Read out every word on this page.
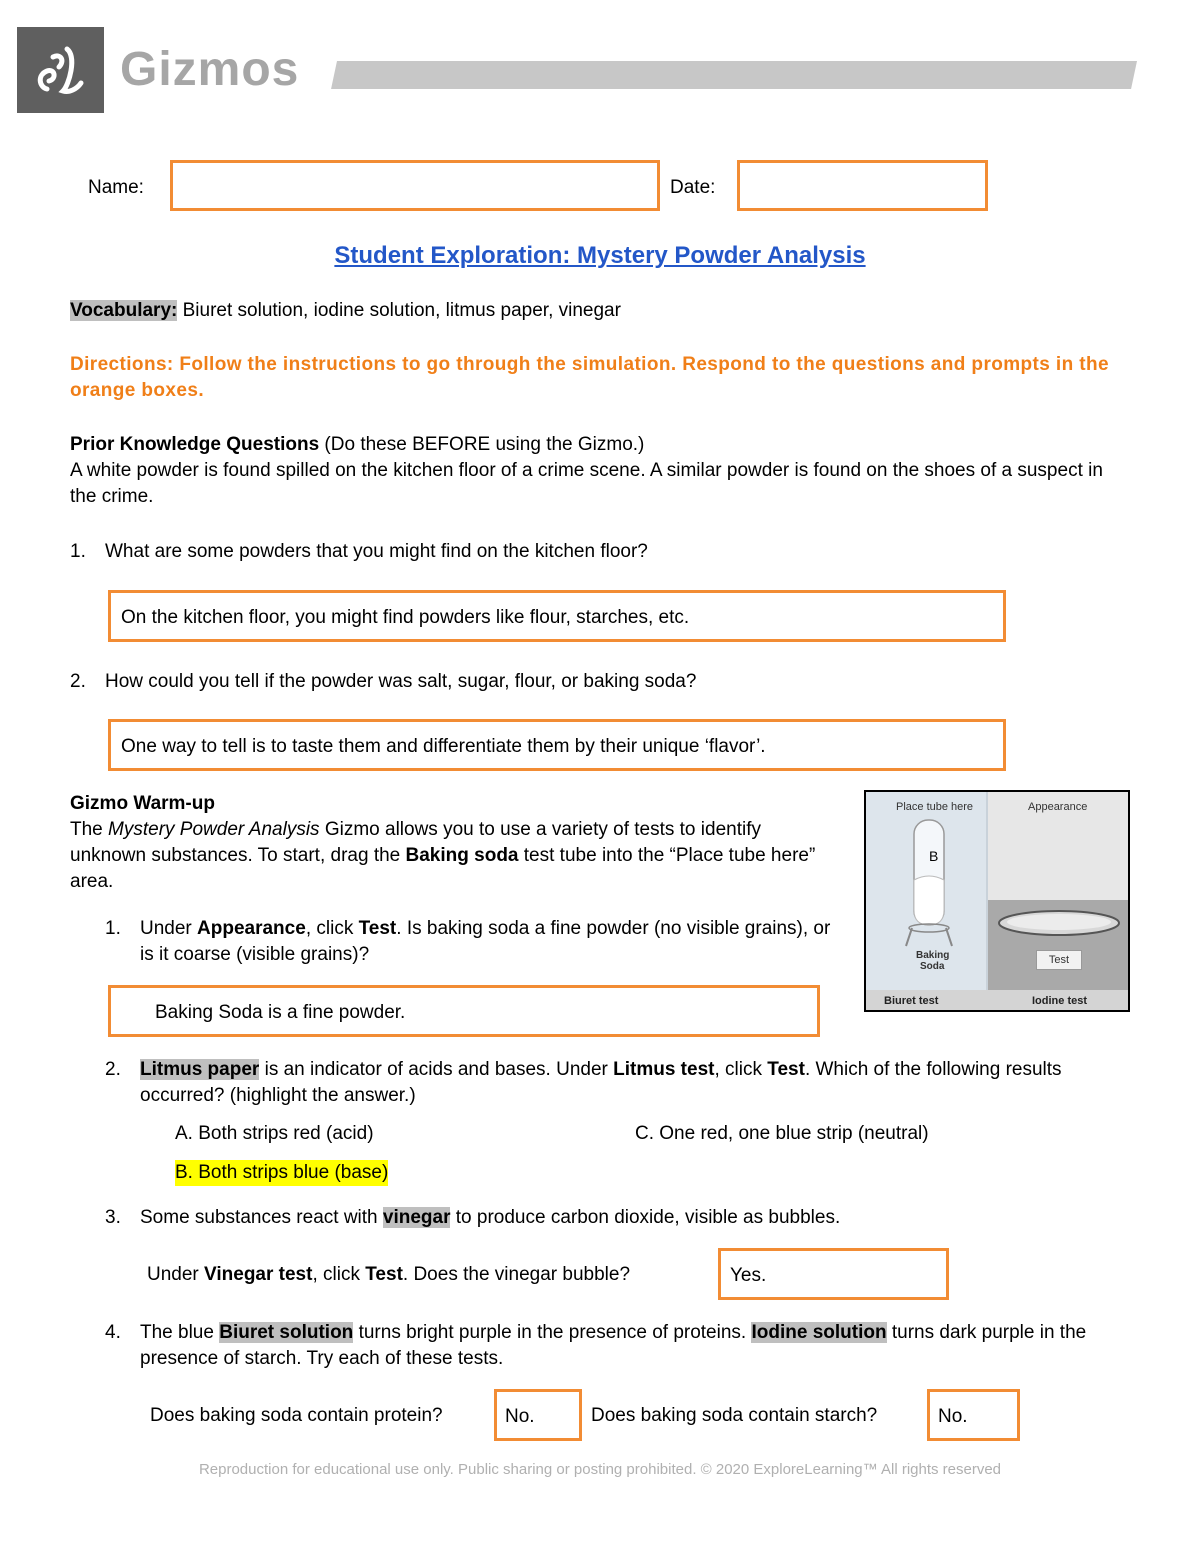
Gizmos
Name:	Date:
Student Exploration: Mystery Powder Analysis
Vocabulary: Biuret solution, iodine solution, litmus paper, vinegar
Directions: Follow the instructions to go through the simulation. Respond to the questions and prompts in the orange boxes.
Prior Knowledge Questions (Do these BEFORE using the Gizmo.)
A white powder is found spilled on the kitchen floor of a crime scene. A similar powder is found on the shoes of a suspect in the crime.
1. What are some powders that you might find on the kitchen floor?
On the kitchen floor, you might find powders like flour, starches, etc.
2. How could you tell if the powder was salt, sugar, flour, or baking soda?
One way to tell is to taste them and differentiate them by their unique ‘flavor’.
Gizmo Warm-up
The Mystery Powder Analysis Gizmo allows you to use a variety of tests to identify unknown substances. To start, drag the Baking soda test tube into the “Place tube here” area.
Place tube here	Appearance
B
Baking
Soda
Test
Biuret test	Iodine test
1. Under Appearance, click Test. Is baking soda a fine powder (no visible grains), or is it coarse (visible grains)?
Baking Soda is a fine powder.
2. Litmus paper is an indicator of acids and bases. Under Litmus test, click Test. Which of the following results occurred? (highlight the answer.)
A. Both strips red (acid)	C. One red, one blue strip (neutral)
B. Both strips blue (base)
3. Some substances react with vinegar to produce carbon dioxide, visible as bubbles.
Under Vinegar test, click Test. Does the vinegar bubble?	Yes.
4. The blue Biuret solution turns bright purple in the presence of proteins. Iodine solution turns dark purple in the presence of starch. Try each of these tests.
Does baking soda contain protein?	No.	Does baking soda contain starch?	No.
Reproduction for educational use only. Public sharing or posting prohibited. © 2020 ExploreLearning™ All rights reserved
